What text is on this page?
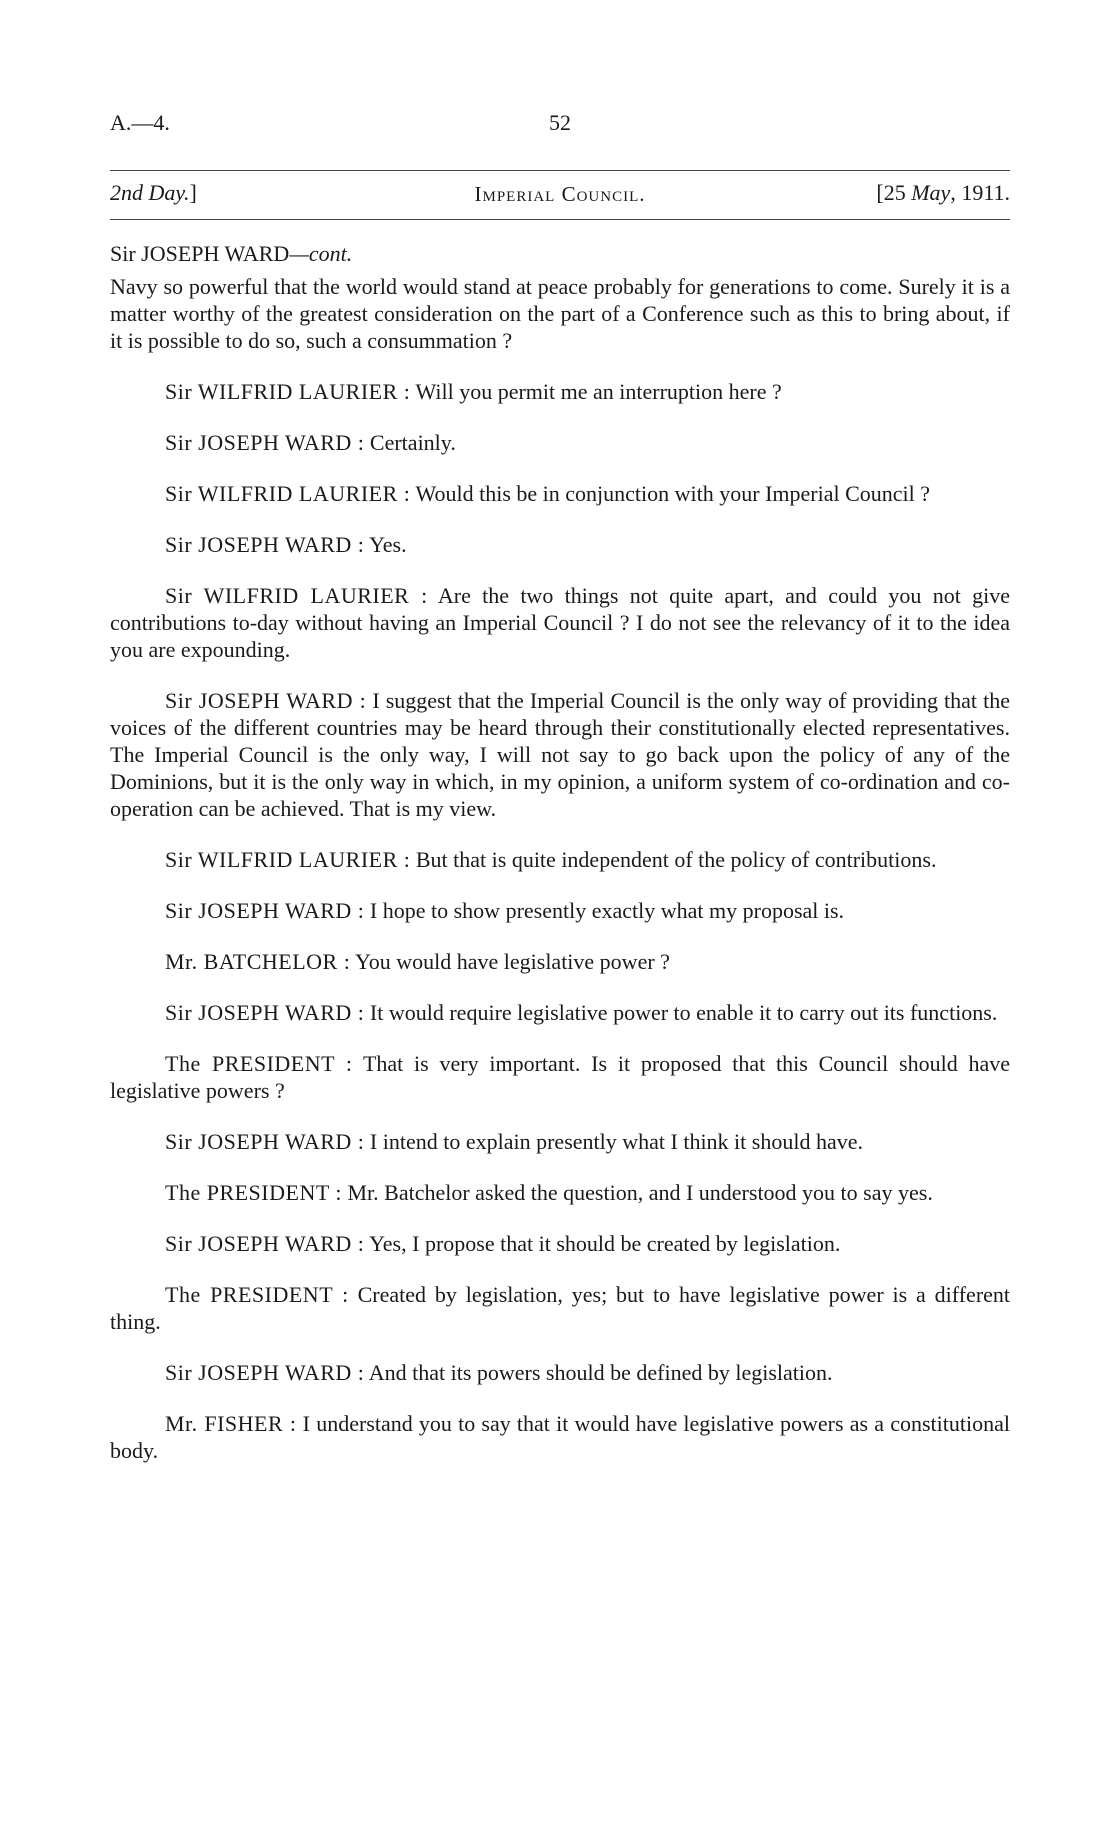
A.—4.	52
2nd Day.]	Imperial Council.	[25 May, 1911.

Sir JOSEPH WARD—cont.

Navy so powerful that the world would stand at peace probably for generations to come. Surely it is a matter worthy of the greatest consideration on the part of a Conference such as this to bring about, if it is possible to do so, such a consummation ?

Sir WILFRID LAURIER : Will you permit me an interruption here ?

Sir JOSEPH WARD : Certainly.

Sir WILFRID LAURIER : Would this be in conjunction with your Imperial Council ?

Sir JOSEPH WARD : Yes.

Sir WILFRID LAURIER : Are the two things not quite apart, and could you not give contributions to-day without having an Imperial Council ? I do not see the relevancy of it to the idea you are expounding.

Sir JOSEPH WARD : I suggest that the Imperial Council is the only way of providing that the voices of the different countries may be heard through their constitutionally elected representatives. The Imperial Council is the only way, I will not say to go back upon the policy of any of the Dominions, but it is the only way in which, in my opinion, a uniform system of co-ordination and co-operation can be achieved. That is my view.

Sir WILFRID LAURIER : But that is quite independent of the policy of contributions.

Sir JOSEPH WARD : I hope to show presently exactly what my proposal is.

Mr. BATCHELOR : You would have legislative power ?

Sir JOSEPH WARD : It would require legislative power to enable it to carry out its functions.

The PRESIDENT : That is very important. Is it proposed that this Council should have legislative powers ?

Sir JOSEPH WARD : I intend to explain presently what I think it should have.

The PRESIDENT : Mr. Batchelor asked the question, and I understood you to say yes.

Sir JOSEPH WARD : Yes, I propose that it should be created by legislation.

The PRESIDENT : Created by legislation, yes; but to have legislative power is a different thing.

Sir JOSEPH WARD : And that its powers should be defined by legislation.

Mr. FISHER : I understand you to say that it would have legislative powers as a constitutional body.
